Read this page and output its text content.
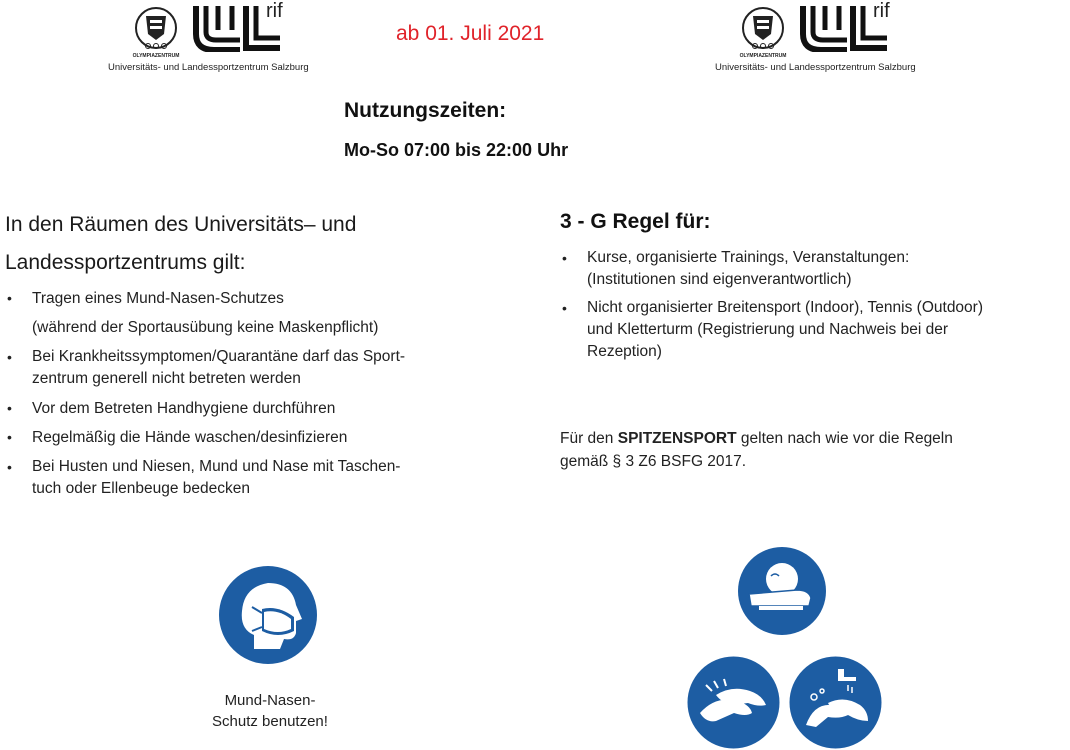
OLYMPIAZENTRUM
rif
Universitäts- und Landessportzentrum Salzburg
OLYMPIAZENTRUM
rif
Universitäts- und Landessportzentrum Salzburg
ab 01. Juli 2021
Nutzungszeiten:
Mo-So 07:00 bis 22:00 Uhr
In den Räumen des Universitäts– und
Landessportzentrums gilt:
• Tragen eines Mund-Nasen-Schutzes
(während der Sportausübung keine Maskenpflicht)
• Bei Krankheitssymptomen/Quarantäne darf das Sport-
zentrum generell nicht betreten werden
• Vor dem Betreten Handhygiene durchführen
• Regelmäßig die Hände waschen/desinfizieren
• Bei Husten und Niesen, Mund und Nase mit Taschen-
tuch oder Ellenbeuge bedecken
3 - G Regel für:
• Kurse, organisierte Trainings, Veranstaltungen:
(Institutionen sind eigenverantwortlich)
• Nicht organisierter Breitensport (Indoor), Tennis (Outdoor)
und Kletterturm (Registrierung und Nachweis bei der
Rezeption)
Für den SPITZENSPORT gelten nach wie vor die Regeln
gemäß § 3 Z6 BSFG 2017.
Mund-Nasen-
Schutz benutzen!
